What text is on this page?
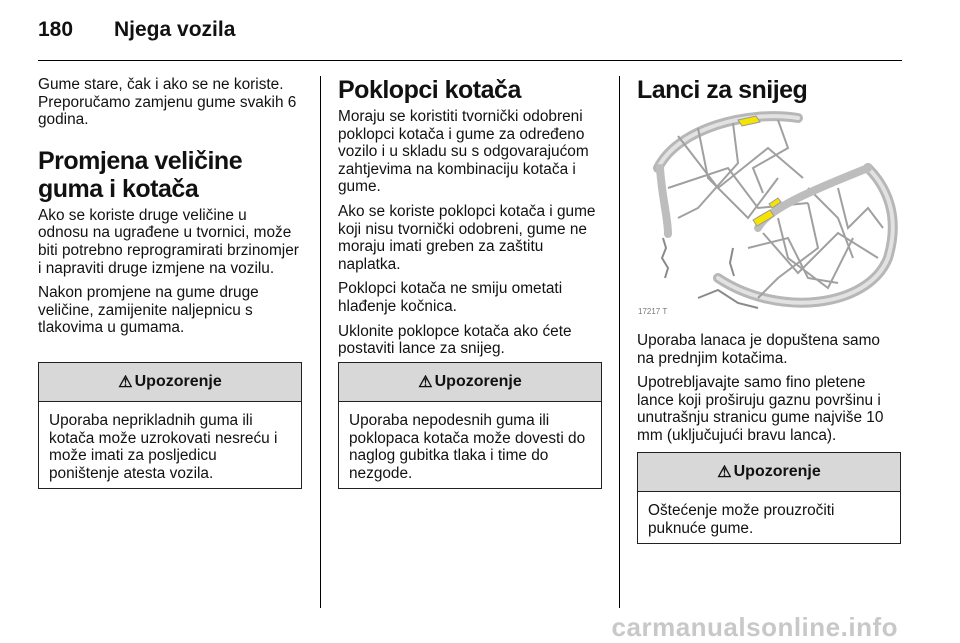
180 Njega vozila

Gume stare, čak i ako se ne koriste. Preporučamo zamjenu gume svakih 6 godina.

Promjena veličine guma i kotača

Ako se koriste druge veličine u odnosu na ugrađene u tvornici, može biti potrebno reprogramirati brzinomjer i napraviti druge izmjene na vozilu.

Nakon promjene na gume druge veličine, zamijenite naljepnicu s tlakovima u gumama.

⚠ Upozorenje
Uporaba neprikladnih guma ili kotača može uzrokovati nesreću i može imati za posljedicu poništenje atesta vozila.
Poklopci kotača

Moraju se koristiti tvornički odobreni poklopci kotača i gume za određeno vozilo i u skladu su s odgovarajućom zahtjevima na kombinaciju kotača i gume.

Ako se koriste poklopci kotača i gume koji nisu tvornički odobreni, gume ne moraju imati greben za zaštitu naplatka.

Poklopci kotača ne smiju ometati hlađenje kočnica.

Uklonite poklopce kotača ako ćete postaviti lance za snijeg.

⚠ Upozorenje
Uporaba nepodesnih guma ili poklopaca kotača može dovesti do naglog gubitka tlaka i time do nezgode.
Lanci za snijeg
17217 T

Uporaba lanaca je dopuštena samo na prednjim kotačima.

Upotrebljavajte samo fino pletene lance koji proširuju gaznu površinu i unutrašnju stranicu gume najviše 10 mm (uključujući bravu lanca).

⚠ Upozorenje
Oštećenje može prouzročiti puknuće gume.
carmanualsonline.info
